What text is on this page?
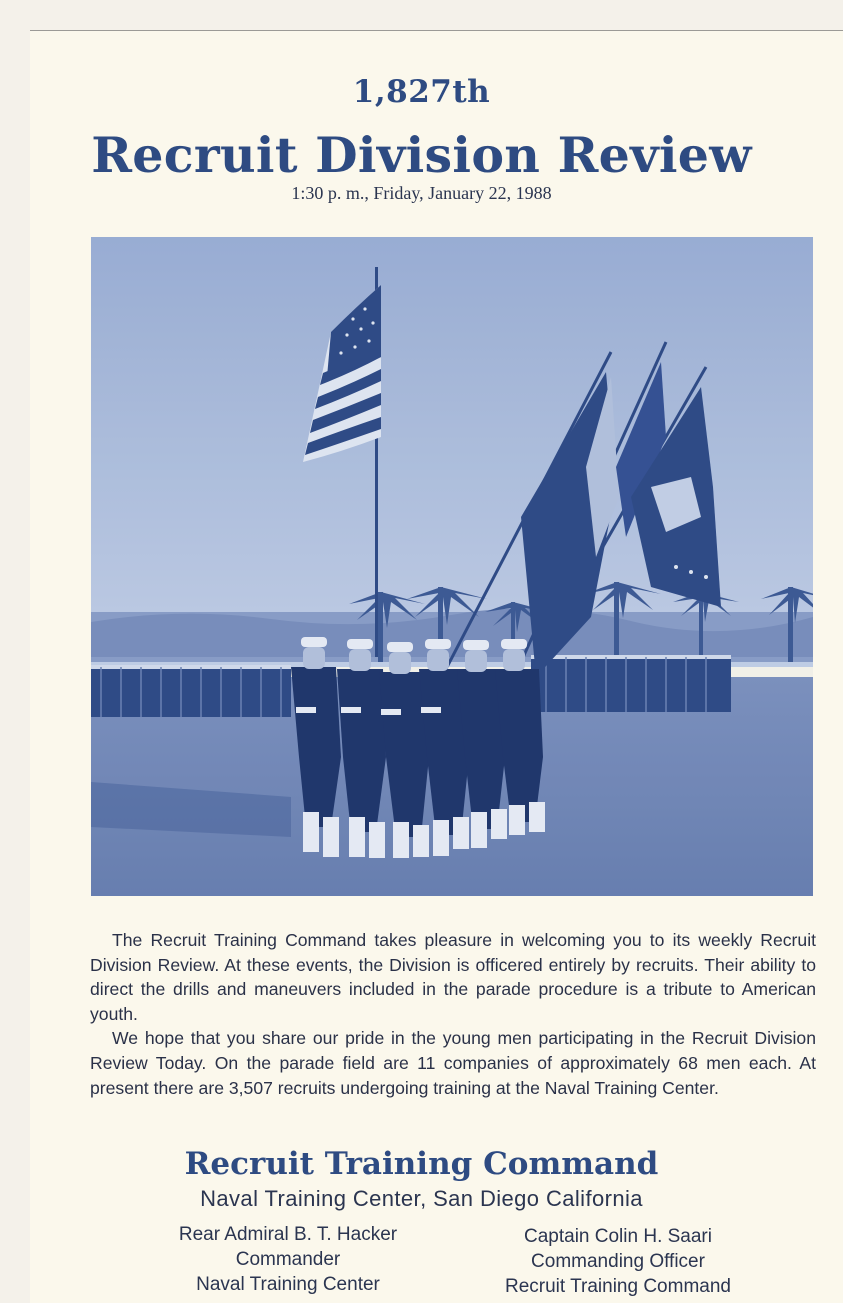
1,827th
Recruit Division Review
1:30 p. m., Friday, January 22, 1988

The Recruit Training Command takes pleasure in welcoming you to its weekly Recruit Division Review. At these events, the Division is officered entirely by recruits. Their ability to direct the drills and maneuvers included in the parade procedure is a tribute to American youth.

We hope that you share our pride in the young men participating in the Recruit Division Review Today. On the parade field are 11 companies of approximately 68 men each. At present there are 3,507 recruits undergoing training at the Naval Training Center.

Recruit Training Command
Naval Training Center, San Diego California
Rear Admiral B. T. Hacker
Commander
Naval Training Center
Captain Colin H. Saari
Commanding Officer
Recruit Training Command
